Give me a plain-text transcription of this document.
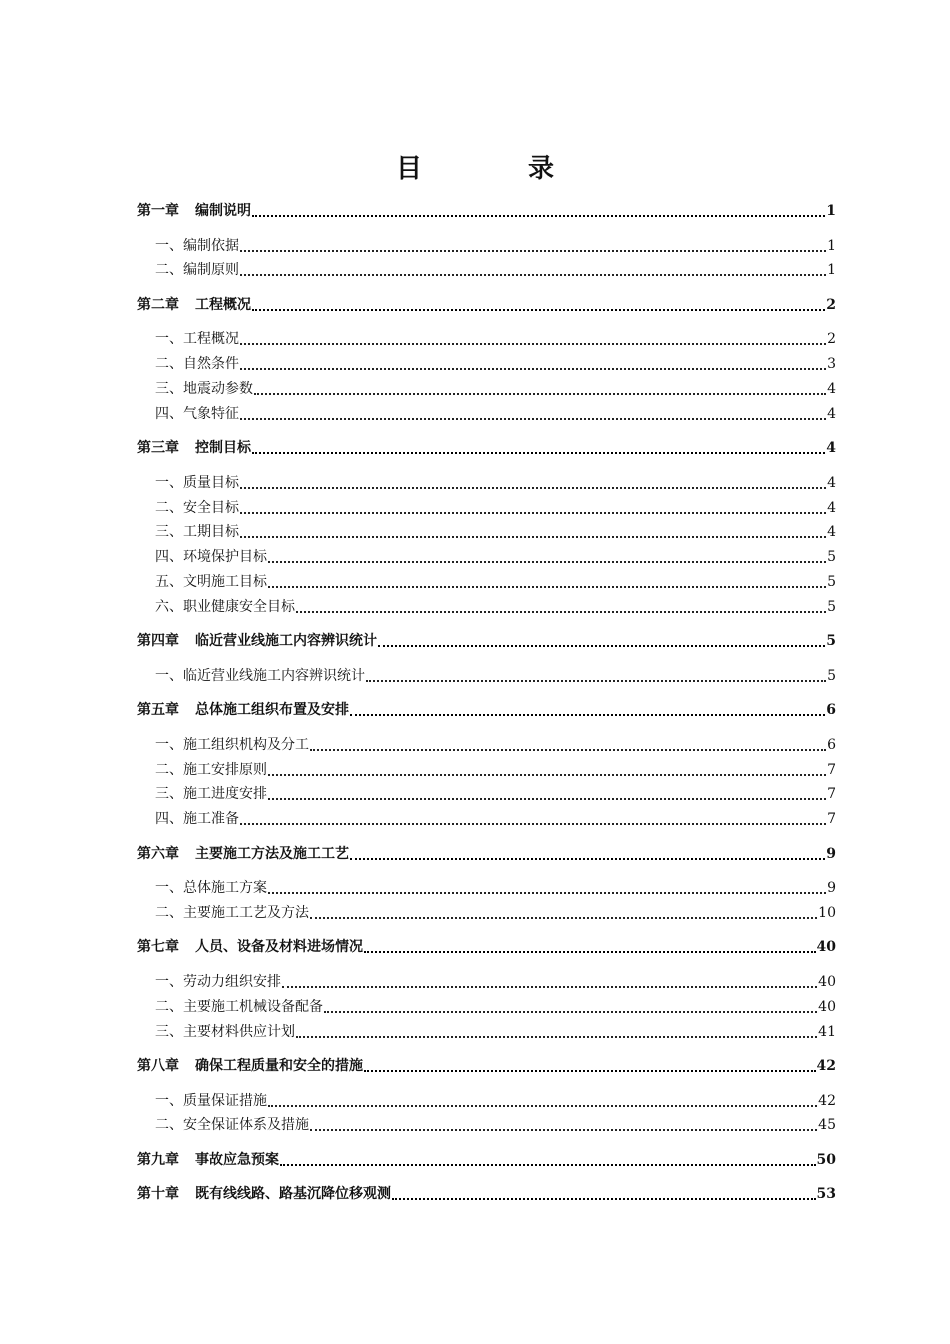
目　录
第一章 编制说明	1
一、编制依据	1
二、编制原则	1
第二章 工程概况	2
一、工程概况	2
二、自然条件	3
三、地震动参数	4
四、气象特征	4
第三章 控制目标	4
一、质量目标	4
二、安全目标	4
三、工期目标	4
四、环境保护目标	5
五、文明施工目标	5
六、职业健康安全目标	5
第四章 临近营业线施工内容辨识统计	5
一、临近营业线施工内容辨识统计	5
第五章 总体施工组织布置及安排	6
一、施工组织机构及分工	6
二、施工安排原则	7
三、施工进度安排	7
四、施工准备	7
第六章 主要施工方法及施工工艺	9
一、总体施工方案	9
二、主要施工工艺及方法	10
第七章 人员、设备及材料进场情况	40
一、劳动力组织安排	40
二、主要施工机械设备配备	40
三、主要材料供应计划	41
第八章 确保工程质量和安全的措施	42
一、质量保证措施	42
二、安全保证体系及措施	45
第九章 事故应急预案	50
第十章 既有线线路、路基沉降位移观测	53
